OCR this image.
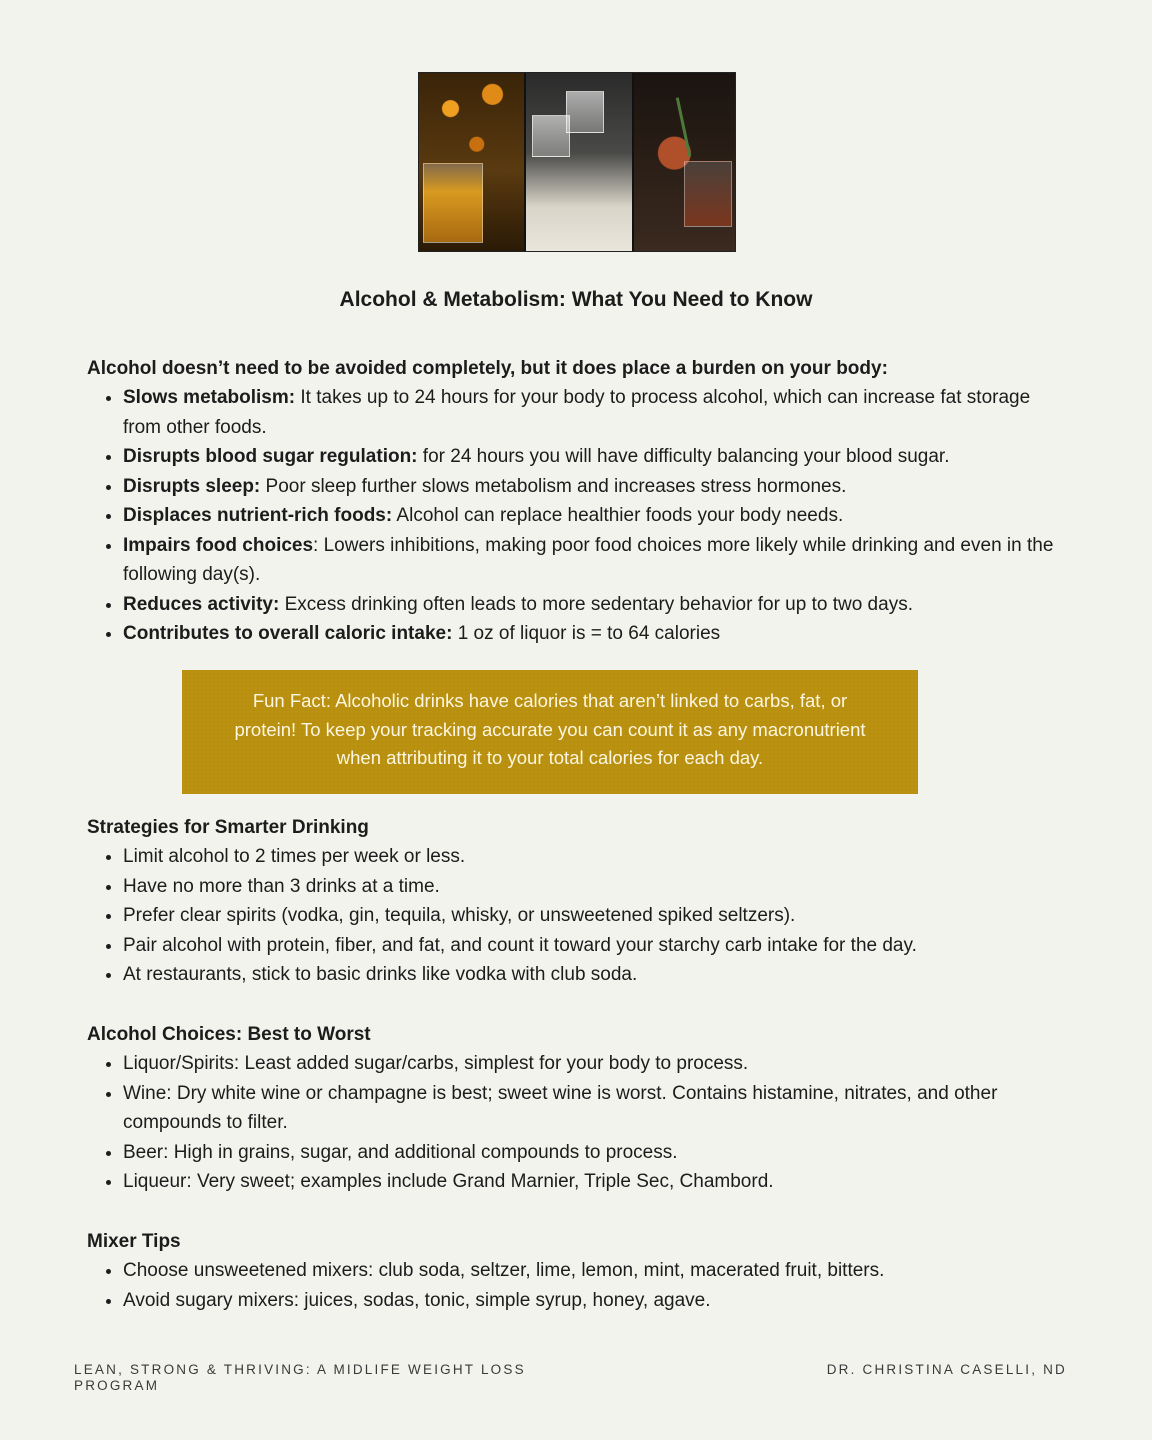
Alcohol & Metabolism: What You Need to Know

Alcohol doesn’t need to be avoided completely, but it does place a burden on your body:

• Slows metabolism: It takes up to 24 hours for your body to process alcohol, which can increase fat storage from other foods.
• Disrupts blood sugar regulation: for 24 hours you will have difficulty balancing your blood sugar.
• Disrupts sleep: Poor sleep further slows metabolism and increases stress hormones.
• Displaces nutrient-rich foods: Alcohol can replace healthier foods your body needs.
• Impairs food choices: Lowers inhibitions, making poor food choices more likely while drinking and even in the following day(s).
• Reduces activity: Excess drinking often leads to more sedentary behavior for up to two days.
• Contributes to overall caloric intake: 1 oz of liquor is = to 64 calories
Fun Fact: Alcoholic drinks have calories that aren’t linked to carbs, fat, or protein! To keep your tracking accurate you can count it as any macronutrient when attributing it to your total calories for each day.

Strategies for Smarter Drinking

• Limit alcohol to 2 times per week or less.
• Have no more than 3 drinks at a time.
• Prefer clear spirits (vodka, gin, tequila, whisky, or unsweetened spiked seltzers).
• Pair alcohol with protein, fiber, and fat, and count it toward your starchy carb intake for the day.
• At restaurants, stick to basic drinks like vodka with club soda.

Alcohol Choices: Best to Worst

• Liquor/Spirits: Least added sugar/carbs, simplest for your body to process.
• Wine: Dry white wine or champagne is best; sweet wine is worst. Contains histamine, nitrates, and other compounds to filter.
• Beer: High in grains, sugar, and additional compounds to process.
• Liqueur: Very sweet; examples include Grand Marnier, Triple Sec, Chambord.

Mixer Tips

• Choose unsweetened mixers: club soda, seltzer, lime, lemon, mint, macerated fruit, bitters.
• Avoid sugary mixers: juices, sodas, tonic, simple syrup, honey, agave.

LEAN, STRONG & THRIVING: A MIDLIFE WEIGHT LOSS PROGRAM

DR. CHRISTINA CASELLI, ND
